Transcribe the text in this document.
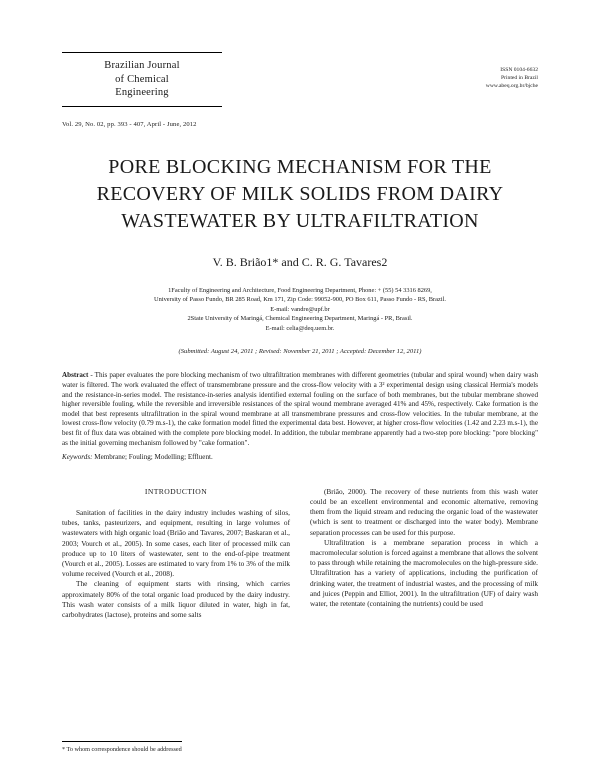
Brazilian Journal
of Chemical
Engineering
ISSN 0104-6632
Printed in Brazil
www.abeq.org.br/bjche
Vol. 29, No. 02, pp. 393 - 407, April - June, 2012
PORE BLOCKING MECHANISM FOR THE RECOVERY OF MILK SOLIDS FROM DAIRY WASTEWATER BY ULTRAFILTRATION
V. B. Brião1* and C. R. G. Tavares2
1Faculty of Engineering and Architecture, Food Engineering Department, Phone: + (55) 54 3316 8269,
University of Passo Fundo, BR 285 Road, Km 171, Zip Code: 99052-900, PO Box 611, Passo Fundo - RS, Brazil.
E-mail: vandre@upf.br
2State University of Maringá, Chemical Engineering Department, Maringá - PR, Brasil.
E-mail: celia@deq.uem.br.
(Submitted: August 24, 2011 ; Revised: November 21, 2011 ; Accepted: December 12, 2011)
Abstract - This paper evaluates the pore blocking mechanism of two ultrafiltration membranes with different geometries (tubular and spiral wound) when dairy wash water is filtered. The work evaluated the effect of transmembrane pressure and the cross-flow velocity with a 3² experimental design using classical Hermia's models and the resistance-in-series model. The resistance-in-series analysis identified external fouling on the surface of both membranes, but the tubular membrane showed higher reversible fouling, while the reversible and irreversible resistances of the spiral wound membrane averaged 41% and 45%, respectively. Cake formation is the model that best represents ultrafiltration in the spiral wound membrane at all transmembrane pressures and cross-flow velocities. In the tubular membrane, at the lowest cross-flow velocity (0.79 m.s-1), the cake formation model fitted the experimental data best. However, at higher cross-flow velocities (1.42 and 2.23 m.s-1), the best fit of flux data was obtained with the complete pore blocking model. In addition, the tubular membrane apparently had a two-step pore blocking: "pore blocking" as the initial governing mechanism followed by "cake formation".
Keywords: Membrane; Fouling; Modelling; Effluent.
INTRODUCTION

Sanitation of facilities in the dairy industry includes washing of silos, tubes, tanks, pasteurizers, and equipment, resulting in large volumes of wastewaters with high organic load (Brião and Tavares, 2007; Baskaran et al., 2003; Vourch et al., 2005). In some cases, each liter of processed milk can produce up to 10 liters of wastewater, sent to the end-of-pipe treatment (Vourch et al., 2005). Losses are estimated to vary from 1% to 3% of the milk volume received (Vourch et al., 2008).

The cleaning of equipment starts with rinsing, which carries approximately 80% of the total organic load produced by the dairy industry. This wash water consists of a milk liquor diluted in water, high in fat, carbohydrates (lactose), proteins and some salts

(Brião, 2000). The recovery of these nutrients from this wash water could be an excellent environmental and economic alternative, removing them from the liquid stream and reducing the organic load of the wastewater (which is sent to treatment or discharged into the water body). Membrane separation processes can be used for this purpose.

Ultrafiltration is a membrane separation process in which a macromolecular solution is forced against a membrane that allows the solvent to pass through while retaining the macromolecules on the high-pressure side. Ultrafiltration has a variety of applications, including the purification of drinking water, the treatment of industrial wastes, and the processing of milk and juices (Peppin and Elliot, 2001). In the ultrafiltration (UF) of dairy wash water, the retentate (containing the nutrients) could be used

* To whom correspondence should be addressed
